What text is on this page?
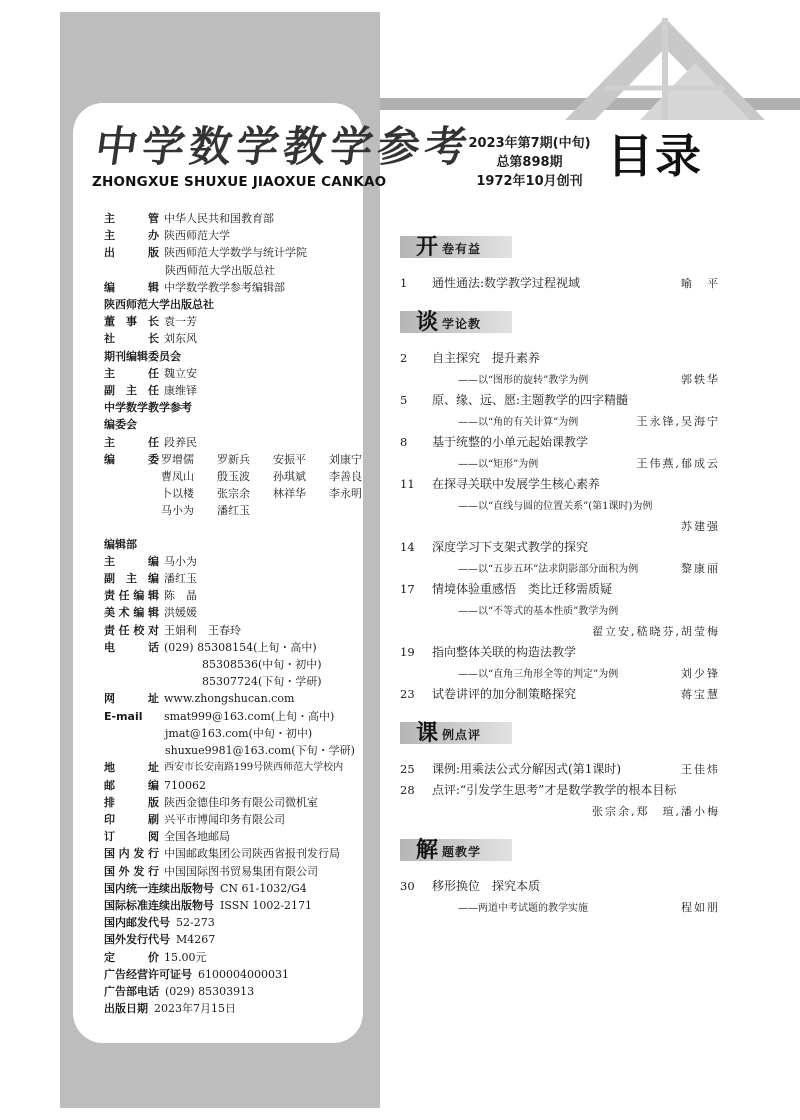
中学数学教学参考
ZHONGXUE SHUXUE JIAOXUE CANKAO
2023年第7期(中旬)
总第898期
1972年10月创刊 目录
主　管 中华人民共和国教育部
主　办 陕西师范大学
出　版 陕西师范大学数学与统计学院
陕西师范大学出版总社
编　辑 中学数学教学参考编辑部
陕西师范大学出版总社
董事长 袁一芳
社　长 刘东风
期刊编辑委员会
主　任 魏立安
副主任 康维铎
中学数学教学参考
编委会
主　任 段养民
编　委 罗增儒	罗新兵	安振平	刘康宁
曹凤山	殷玉波	孙琪斌	李善良
卜以楼	张宗余	林祥华	李永明
马小为	潘红玉
编辑部
主　编 马小为
副主编 潘红玉
责任编辑 陈　晶
美术编辑 洪媛媛
责任校对 王娟利　王春玲
电　话 (029) 85308154(上旬・高中)
85308536(中旬・初中)
85307724(下旬・学研)
网　址 www.zhongshucan.com
E-mail	smat999@163.com(上旬・高中)
jmat@163.com(中旬・初中)
shuxue9981@163.com(下旬・学研)
地　址 西安市长安南路199号陕西师范大学校内
邮　编 710062
排　版 陕西金德佳印务有限公司微机室
印　刷 兴平市博闻印务有限公司
订　阅 全国各地邮局
国内发行 中国邮政集团公司陕西省报刊发行局
国外发行 中国国际图书贸易集团有限公司
国内统一连续出版物号 CN 61-1032/G4
国际标准连续出版物号 ISSN 1002-2171
国内邮发代号 52-273
国外发行代号 M4267
定　价 15.00元
广告经营许可证号 6100004000031
广告部电话 (029) 85303913
出版日期 2023年7月15日
开 卷有益
1	通性通法:数学教学过程视域	喻　平
谈 学论教
2	自主探究　提升素养
——以“图形的旋转”教学为例	郭轶华
5	原、缘、远、愿:主题教学的四字精髓
——以“角的有关计算”为例	王永锋,吴海宁
8	基于统整的小单元起始课教学
——以“矩形”为例	王伟燕,郁成云
11	在探寻关联中发展学生核心素养
——以“直线与圆的位置关系”(第1课时)为例
苏建强
14	深度学习下支架式教学的探究
——以“五步五环”法求阴影部分面积为例	黎康丽
17	情境体验重感悟　类比迁移需质疑
——以“不等式的基本性质”教学为例
翟立安,嵇晓芬,胡莹梅
19	指向整体关联的构造法教学
——以“直角三角形全等的判定”为例	刘少锋
23	试卷讲评的加分制策略探究	蒋宝慧
课 例点评
25	课例:用乘法公式分解因式(第1课时)	王佳炜
28	点评:“引发学生思考”才是数学教学的根本目标
张宗余,郑　瑄,潘小梅
解 题教学
30	移形换位　探究本质
——两道中考试题的教学实施	程如朋
